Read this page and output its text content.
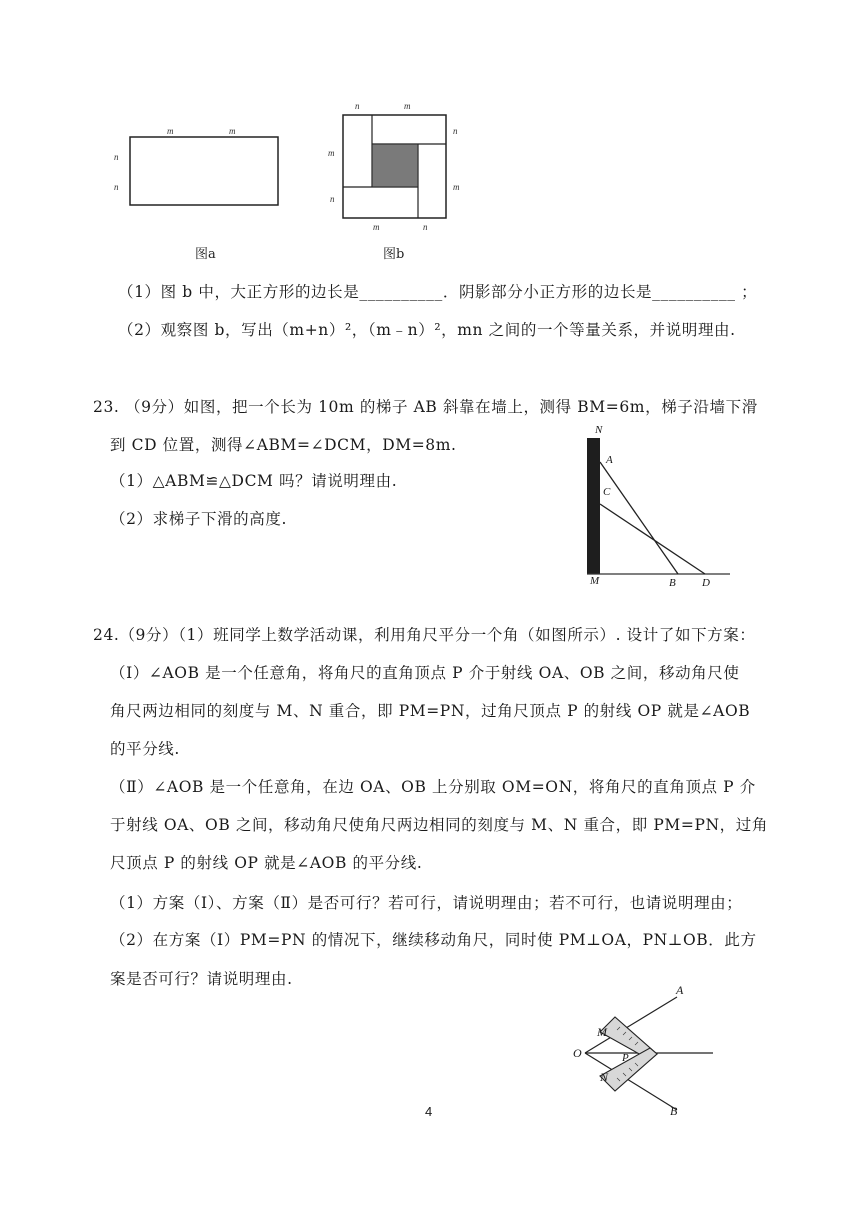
m	m
n
n
图a
n	m
n
m
m	n
m
n
图b
（1）图 b 中，大正方形的边长是__________．阴影部分小正方形的边长是__________ ；
（2）观察图 b，写出（m+n）²，（m﹣n）²，mn 之间的一个等量关系，并说明理由.
23. （9分）如图，把一个长为 10m 的梯子 AB 斜靠在墙上，测得 BM=6m，梯子沿墙下滑
到 CD 位置，测得∠ABM=∠DCM，DM=8m.
（1）△ABM≌△DCM 吗？请说明理由.
（2）求梯子下滑的高度.
N
A
C
M	B D
24.（9分）（1）班同学上数学活动课，利用角尺平分一个角（如图所示）. 设计了如下方案：
（Ⅰ）∠AOB 是一个任意角，将角尺的直角顶点 P 介于射线 OA、OB 之间，移动角尺使
角尺两边相同的刻度与 M、N 重合，即 PM=PN，过角尺顶点 P 的射线 OP 就是∠AOB
的平分线.
（Ⅱ）∠AOB 是一个任意角，在边 OA、OB 上分别取 OM=ON，将角尺的直角顶点 P 介
于射线 OA、OB 之间，移动角尺使角尺两边相同的刻度与 M、N 重合，即 PM=PN，过角
尺顶点 P 的射线 OP 就是∠AOB 的平分线.
（1）方案（Ⅰ）、方案（Ⅱ）是否可行？若可行，请说明理由；若不可行，也请说明理由；
（2）在方案（Ⅰ）PM=PN 的情况下，继续移动角尺，同时使 PM⊥OA，PN⊥OB．此方
案是否可行？请说明理由.
A
M
O	P
N
B
4
